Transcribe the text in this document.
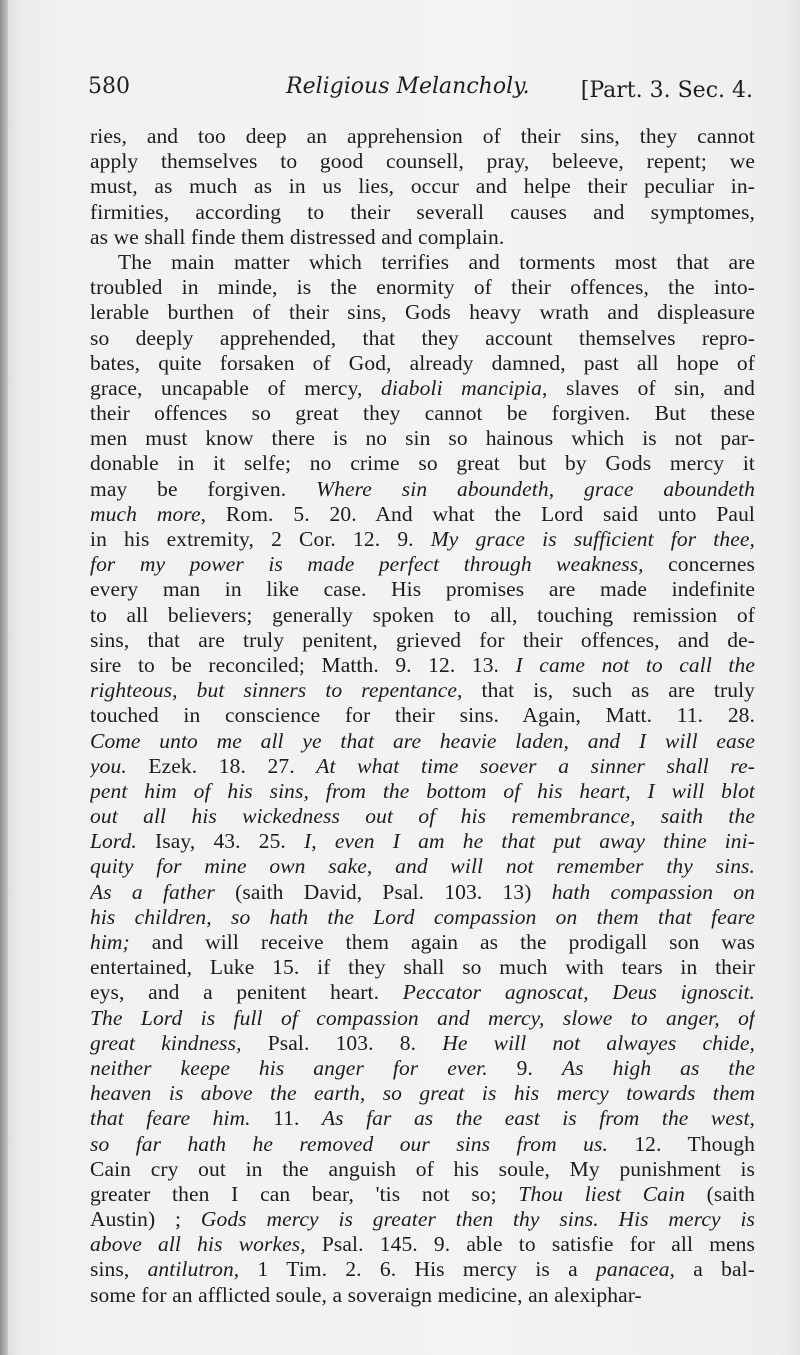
580	Religious Melancholy. [Part. 3. Sec. 4.
ries, and too deep an apprehension of their sins, they cannot
apply themselves to good counsell, pray, beleeve, repent; we
must, as much as in us lies, occur and helpe their peculiar in-
firmities, according to their severall causes and symptomes,
as we shall finde them distressed and complain.
The main matter which terrifies and torments most that are
troubled in minde, is the enormity of their offences, the into-
lerable burthen of their sins, Gods heavy wrath and displeasure
so deeply apprehended, that they account themselves repro-
bates, quite forsaken of God, already damned, past all hope of
grace, uncapable of mercy, diaboli mancipia, slaves of sin, and
their offences so great they cannot be forgiven. But these
men must know there is no sin so hainous which is not par-
donable in it selfe; no crime so great but by Gods mercy it
may be forgiven. Where sin aboundeth, grace aboundeth
much more, Rom. 5. 20. And what the Lord said unto Paul
in his extremity, 2 Cor. 12. 9. My grace is sufficient for thee,
for my power is made perfect through weakness, concernes
every man in like case. His promises are made indefinite
to all believers; generally spoken to all, touching remission of
sins, that are truly penitent, grieved for their offences, and de-
sire to be reconciled; Matth. 9. 12. 13. I came not to call the
righteous, but sinners to repentance, that is, such as are truly
touched in conscience for their sins. Again, Matt. 11. 28.
Come unto me all ye that are heavie laden, and I will ease
you. Ezek. 18. 27. At what time soever a sinner shall re-
pent him of his sins, from the bottom of his heart, I will blot
out all his wickedness out of his remembrance, saith the
Lord. Isay, 43. 25. I, even I am he that put away thine ini-
quity for mine own sake, and will not remember thy sins.
As a father (saith David, Psal. 103. 13) hath compassion on
his children, so hath the Lord compassion on them that feare
him; and will receive them again as the prodigall son was
entertained, Luke 15. if they shall so much with tears in their
eys, and a penitent heart. Peccator agnoscat, Deus ignoscit.
The Lord is full of compassion and mercy, slowe to anger, of
great kindness, Psal. 103. 8. He will not alwayes chide,
neither keepe his anger for ever. 9. As high as the
heaven is above the earth, so great is his mercy towards them
that feare him. 11. As far as the east is from the west,
so far hath he removed our sins from us. 12. Though
Cain cry out in the anguish of his soule, My punishment is
greater then I can bear, 'tis not so; Thou liest Cain (saith
Austin) ; Gods mercy is greater then thy sins. His mercy is
above all his workes, Psal. 145. 9. able to satisfie for all mens
sins, antilutron, 1 Tim. 2. 6. His mercy is a panacea, a bal-
some for an afflicted soule, a soveraign medicine, an alexiphar-
